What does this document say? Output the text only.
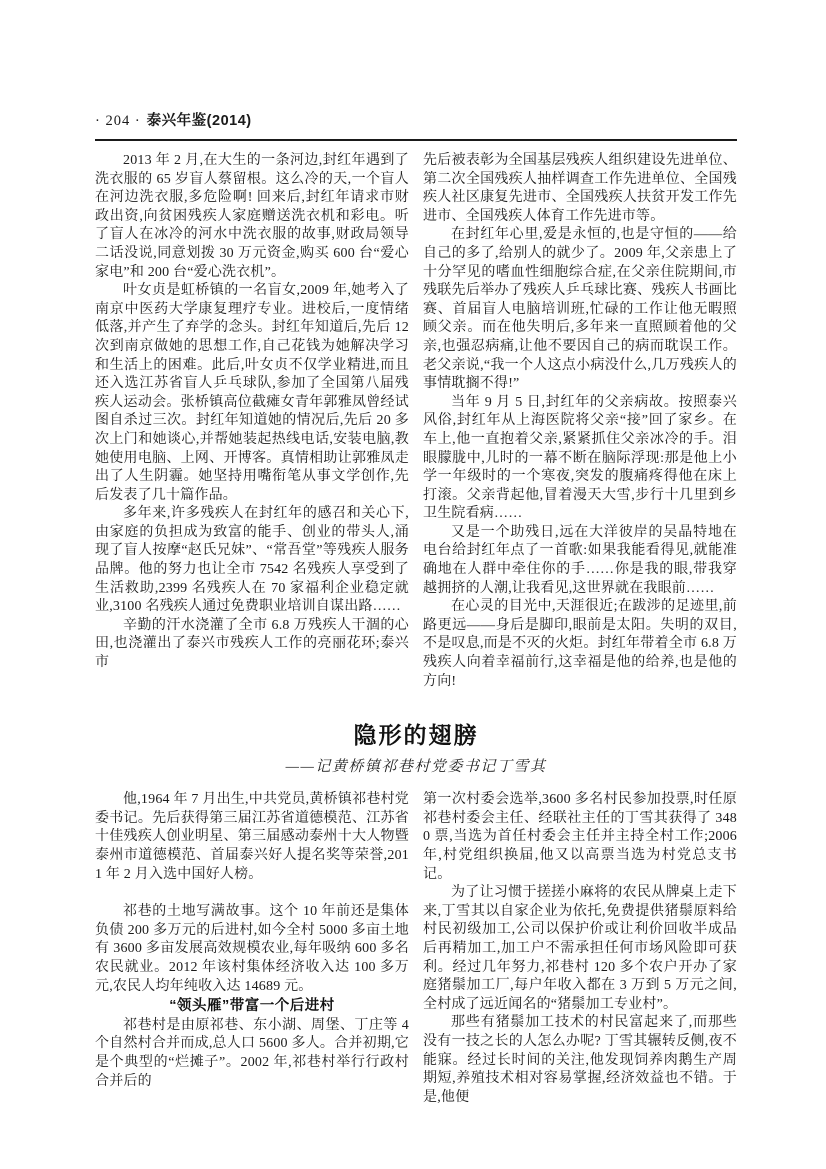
· 204 · 泰兴年鉴(2014)

2013 年 2 月,在大生的一条河边,封红年遇到了洗衣服的 65 岁盲人蔡留根。这么冷的天,一个盲人在河边洗衣服,多危险啊! 回来后,封红年请求市财政出资,向贫困残疾人家庭赠送洗衣机和彩电。听了盲人在冰冷的河水中洗衣服的故事,财政局领导二话没说,同意划拨 30 万元资金,购买 600 台“爱心家电”和 200 台“爱心洗衣机”。

叶女贞是虹桥镇的一名盲女,2009 年,她考入了南京中医药大学康复理疗专业。进校后,一度情绪低落,并产生了弃学的念头。封红年知道后,先后 12 次到南京做她的思想工作,自己花钱为她解决学习和生活上的困难。此后,叶女贞不仅学业精进,而且还入选江苏省盲人乒乓球队,参加了全国第八届残疾人运动会。张桥镇高位截瘫女青年郭雅凤曾经试图自杀过三次。封红年知道她的情况后,先后 20 多次上门和她谈心,并帮她装起热线电话,安装电脑,教她使用电脑、上网、开博客。真情相助让郭雅凤走出了人生阴霾。她坚持用嘴衔笔从事文学创作,先后发表了几十篇作品。

多年来,许多残疾人在封红年的感召和关心下,由家庭的负担成为致富的能手、创业的带头人,涌现了盲人按摩“赵氏兄妹”、“常吾堂”等残疾人服务品牌。他的努力也让全市 7542 名残疾人享受到了生活救助,2399 名残疾人在 70 家福利企业稳定就业,3100 名残疾人通过免费职业培训自谋出路……

辛勤的汗水浇灌了全市 6.8 万残疾人干涸的心田,也浇灌出了泰兴市残疾人工作的亮丽花环;泰兴市

先后被表彰为全国基层残疾人组织建设先进单位、第二次全国残疾人抽样调查工作先进单位、全国残疾人社区康复先进市、全国残疾人扶贫开发工作先进市、全国残疾人体育工作先进市等。

在封红年心里,爱是永恒的,也是守恒的——给自己的多了,给别人的就少了。2009 年,父亲患上了十分罕见的嗜血性细胞综合症,在父亲住院期间,市残联先后举办了残疾人乒乓球比赛、残疾人书画比赛、首届盲人电脑培训班,忙碌的工作让他无暇照顾父亲。而在他失明后,多年来一直照顾着他的父亲,也强忍病痛,让他不要因自己的病而耽误工作。老父亲说,“我一个人这点小病没什么,几万残疾人的事情耽搁不得!”

当年 9 月 5 日,封红年的父亲病故。按照泰兴风俗,封红年从上海医院将父亲“接”回了家乡。在车上,他一直抱着父亲,紧紧抓住父亲冰冷的手。泪眼朦胧中,儿时的一幕不断在脑际浮现:那是他上小学一年级时的一个寒夜,突发的腹痛疼得他在床上打滚。父亲背起他,冒着漫天大雪,步行十几里到乡卫生院看病……

又是一个助残日,远在大洋彼岸的吴晶特地在电台给封红年点了一首歌:如果我能看得见,就能准确地在人群中牵住你的手……你是我的眼,带我穿越拥挤的人潮,让我看见,这世界就在我眼前……

在心灵的目光中,天涯很近;在跋涉的足迹里,前路更远——身后是脚印,眼前是太阳。失明的双目,不是叹息,而是不灭的火炬。封红年带着全市 6.8 万残疾人向着幸福前行,这幸福是他的给养,也是他的方向!

隐形的翅膀

——记黄桥镇祁巷村党委书记丁雪其

他,1964 年 7 月出生,中共党员,黄桥镇祁巷村党委书记。先后获得第三届江苏省道德模范、江苏省十佳残疾人创业明星、第三届感动泰州十大人物暨泰州市道德模范、首届泰兴好人提名奖等荣誉,2011 年 2 月入选中国好人榜。

祁巷的土地写满故事。这个 10 年前还是集体负债 200 多万元的后进村,如今全村 5000 多亩土地有 3600 多亩发展高效规模农业,每年吸纳 600 多名农民就业。2012 年该村集体经济收入达 100 多万元,农民人均年纯收入达 14689 元。

“领头雁”带富一个后进村

祁巷村是由原祁巷、东小湖、周堡、丁庄等 4 个自然村合并而成,总人口 5600 多人。合并初期,它是个典型的“烂摊子”。2002 年,祁巷村举行行政村合并后的

第一次村委会选举,3600 多名村民参加投票,时任原祁巷村委会主任、经联社主任的丁雪其获得了 3480 票,当选为首任村委会主任并主持全村工作;2006 年,村党组织换届,他又以高票当选为村党总支书记。

为了让习惯于搓搓小麻将的农民从牌桌上走下来,丁雪其以自家企业为依托,免费提供猪鬃原料给村民初级加工,公司以保护价或让利价回收半成品后再精加工,加工户不需承担任何市场风险即可获利。经过几年努力,祁巷村 120 多个农户开办了家庭猪鬃加工厂,每户年收入都在 3 万到 5 万元之间,全村成了远近闻名的“猪鬃加工专业村”。

那些有猪鬃加工技术的村民富起来了,而那些没有一技之长的人怎么办呢? 丁雪其辗转反侧,夜不能寐。经过长时间的关注,他发现饲养肉鹅生产周期短,养殖技术相对容易掌握,经济效益也不错。于是,他便
